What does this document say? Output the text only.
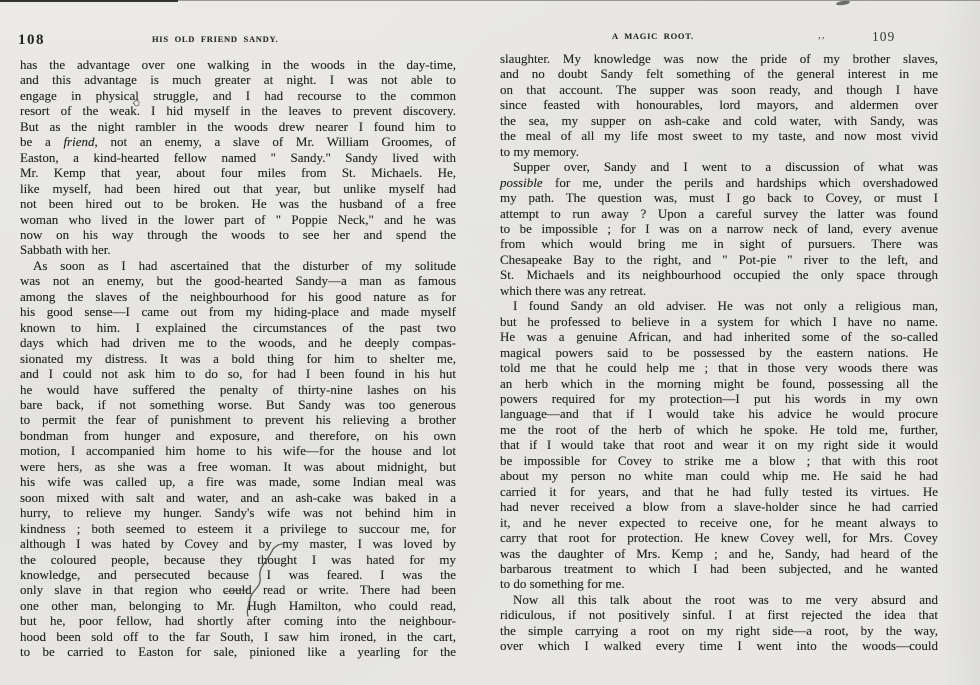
108	HIS OLD FRIEND SANDY.
has the advantage over one walking in the woods in the day-time,
and this advantage is much greater at night. I was not able to
engage in physical struggle, and I had recourse to the common
resort of the weak. I hid myself in the leaves to prevent discovery.
But as the night rambler in the woods drew nearer I found him to
be a friend, not an enemy, a slave of Mr. William Groomes, of
Easton, a kind-hearted fellow named " Sandy." Sandy lived with
Mr. Kemp that year, about four miles from St. Michaels. He,
like myself, had been hired out that year, but unlike myself had
not been hired out to be broken. He was the husband of a free
woman who lived in the lower part of " Poppie Neck," and he was
now on his way through the woods to see her and spend the
Sabbath with her.
As soon as I had ascertained that the disturber of my solitude
was not an enemy, but the good-hearted Sandy—a man as famous
among the slaves of the neighbourhood for his good nature as for
his good sense—I came out from my hiding-place and made myself
known to him. I explained the circumstances of the past two
days which had driven me to the woods, and he deeply compas-
sionated my distress. It was a bold thing for him to shelter me,
and I could not ask him to do so, for had I been found in his hut
he would have suffered the penalty of thirty-nine lashes on his
bare back, if not something worse. But Sandy was too generous
to permit the fear of punishment to prevent his relieving a brother
bondman from hunger and exposure, and therefore, on his own
motion, I accompanied him home to his wife—for the house and lot
were hers, as she was a free woman. It was about midnight, but
his wife was called up, a fire was made, some Indian meal was
soon mixed with salt and water, and an ash-cake was baked in a
hurry, to relieve my hunger. Sandy's wife was not behind him in
kindness ; both seemed to esteem it a privilege to succour me, for
although I was hated by Covey and by my master, I was loved by
the coloured people, because they thought I was hated for my
knowledge, and persecuted because I was feared. I was the
only slave in that region who could read or write. There had been
one other man, belonging to Mr. Hugh Hamilton, who could read,
but he, poor fellow, had shortly after coming into the neighbour-
hood been sold off to the far South, I saw him ironed, in the cart,
to be carried to Easton for sale, pinioned like a yearling for the
A MAGIC ROOT.	,,	109
slaughter. My knowledge was now the pride of my brother slaves,
and no doubt Sandy felt something of the general interest in me
on that account. The supper was soon ready, and though I have
since feasted with honourables, lord mayors, and aldermen over
the sea, my supper on ash-cake and cold water, with Sandy, was
the meal of all my life most sweet to my taste, and now most vivid
to my memory.
Supper over, Sandy and I went to a discussion of what was
possible for me, under the perils and hardships which overshadowed
my path. The question was, must I go back to Covey, or must I
attempt to run away ? Upon a careful survey the latter was found
to be impossible ; for I was on a narrow neck of land, every avenue
from which would bring me in sight of pursuers. There was
Chesapeake Bay to the right, and " Pot-pie " river to the left, and
St. Michaels and its neighbourhood occupied the only space through
which there was any retreat.
I found Sandy an old adviser. He was not only a religious man,
but he professed to believe in a system for which I have no name.
He was a genuine African, and had inherited some of the so-called
magical powers said to be possessed by the eastern nations. He
told me that he could help me ; that in those very woods there was
an herb which in the morning might be found, possessing all the
powers required for my protection—I put his words in my own
language—and that if I would take his advice he would procure
me the root of the herb of which he spoke. He told me, further,
that if I would take that root and wear it on my right side it would
be impossible for Covey to strike me a blow ; that with this root
about my person no white man could whip me. He said he had
carried it for years, and that he had fully tested its virtues. He
had never received a blow from a slave-holder since he had carried
it, and he never expected to receive one, for he meant always to
carry that root for protection. He knew Covey well, for Mrs. Covey
was the daughter of Mrs. Kemp ; and he, Sandy, had heard of the
barbarous treatment to which I had been subjected, and he wanted
to do something for me.
Now all this talk about the root was to me very absurd and
ridiculous, if not positively sinful. I at first rejected the idea that
the simple carrying a root on my right side—a root, by the way,
over which I walked every time I went into the woods—could
